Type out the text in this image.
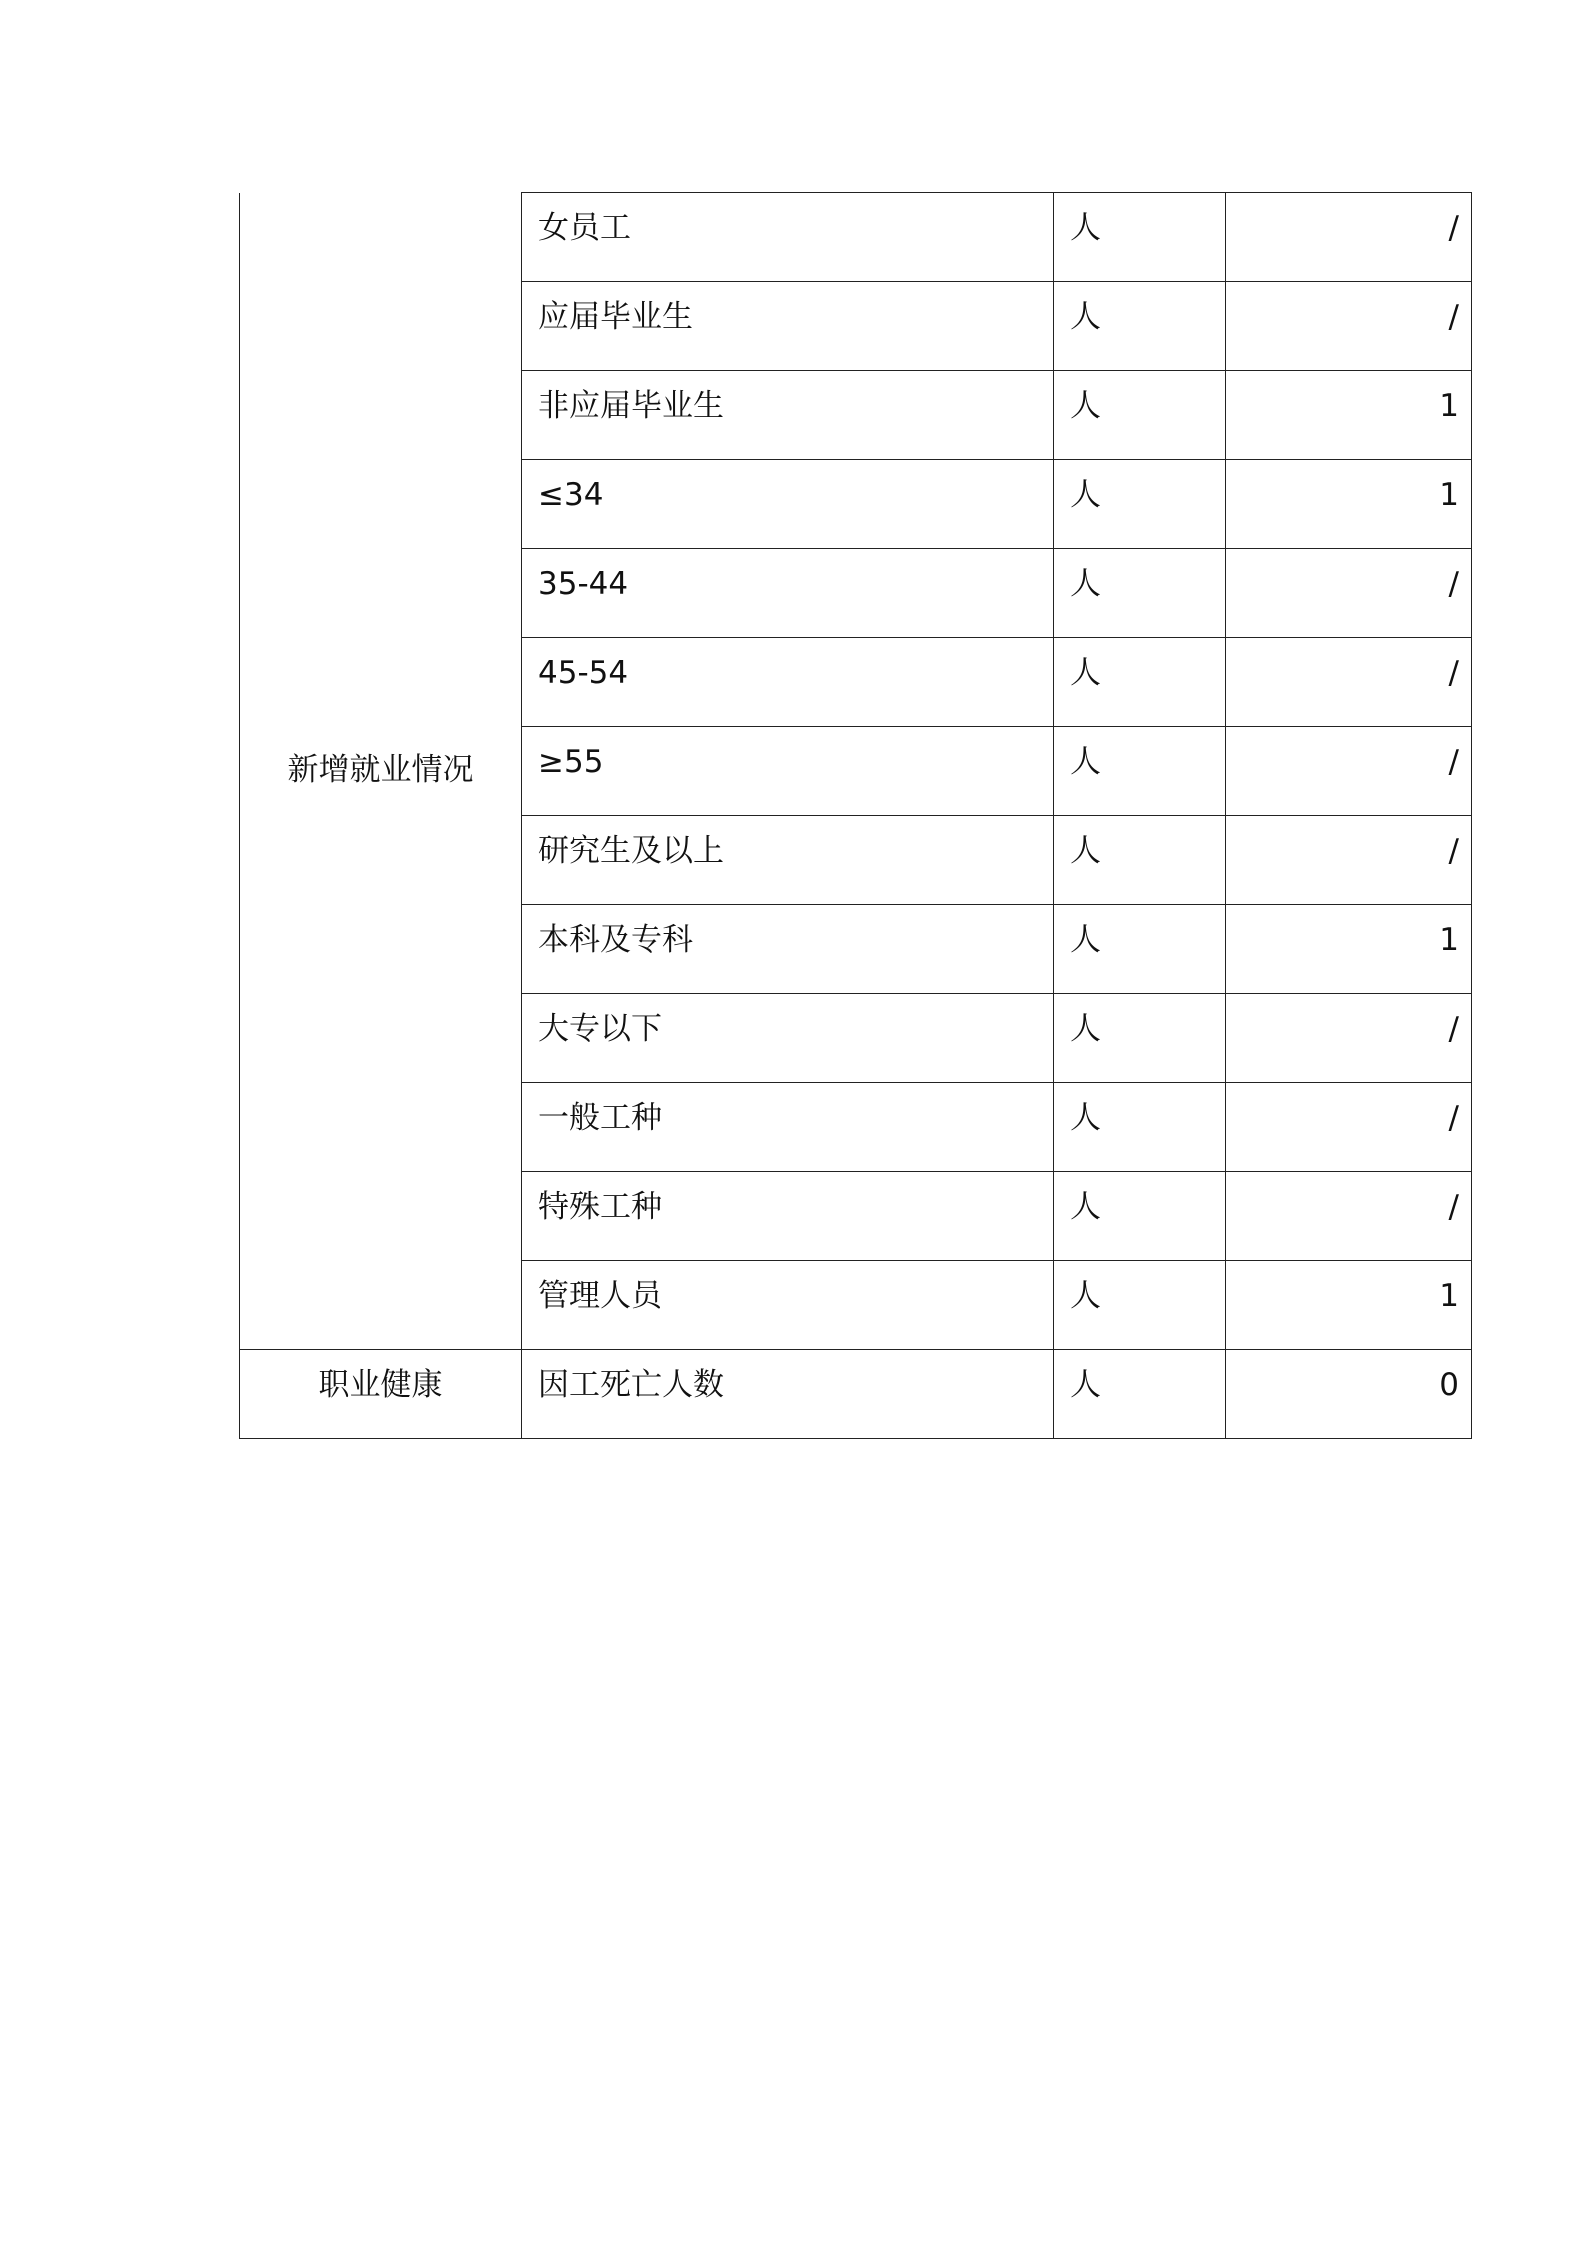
新增就业情况	女员工	人	/

	应届毕业生	人	/

	非应届毕业生	人	1

	≤34	人	1

	35-44	人	/

	45-54	人	/

	≥55	人	/

	研究生及以上	人	/

	本科及专科	人	1

	大专以下	人	/

	一般工种	人	/

	特殊工种	人	/

	管理人员	人	1

职业健康	因工死亡人数	人	0
